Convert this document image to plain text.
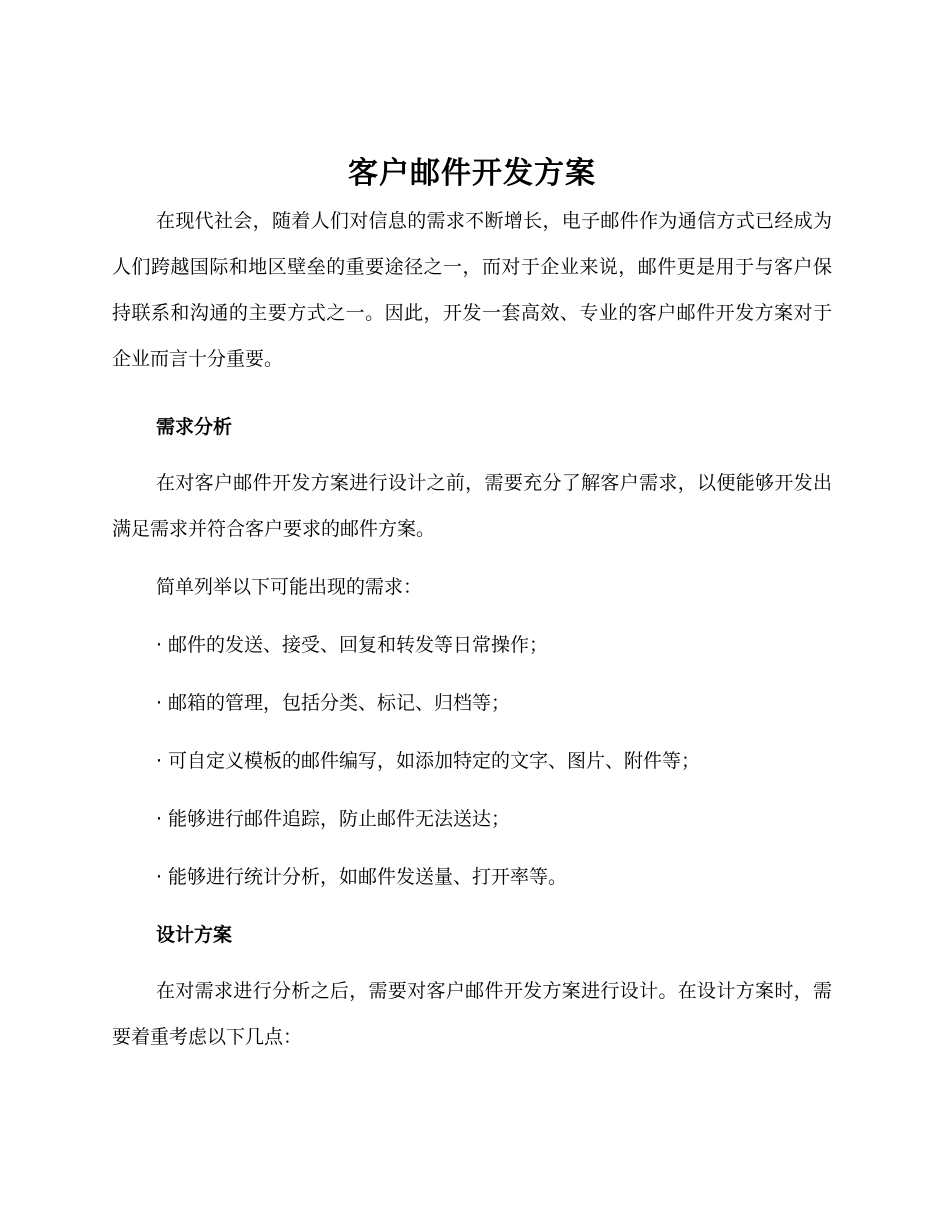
客户邮件开发方案

在现代社会，随着人们对信息的需求不断增长，电子邮件作为通信方式已经成为人们跨越国际和地区壁垒的重要途径之一，而对于企业来说，邮件更是用于与客户保持联系和沟通的主要方式之一。因此，开发一套高效、专业的客户邮件开发方案对于企业而言十分重要。

需求分析

在对客户邮件开发方案进行设计之前，需要充分了解客户需求，以便能够开发出满足需求并符合客户要求的邮件方案。

简单列举以下可能出现的需求：
· 邮件的发送、接受、回复和转发等日常操作；
· 邮箱的管理，包括分类、标记、归档等；
· 可自定义模板的邮件编写，如添加特定的文字、图片、附件等；
· 能够进行邮件追踪，防止邮件无法送达；
· 能够进行统计分析，如邮件发送量、打开率等。
设计方案

在对需求进行分析之后，需要对客户邮件开发方案进行设计。在设计方案时，需要着重考虑以下几点：
